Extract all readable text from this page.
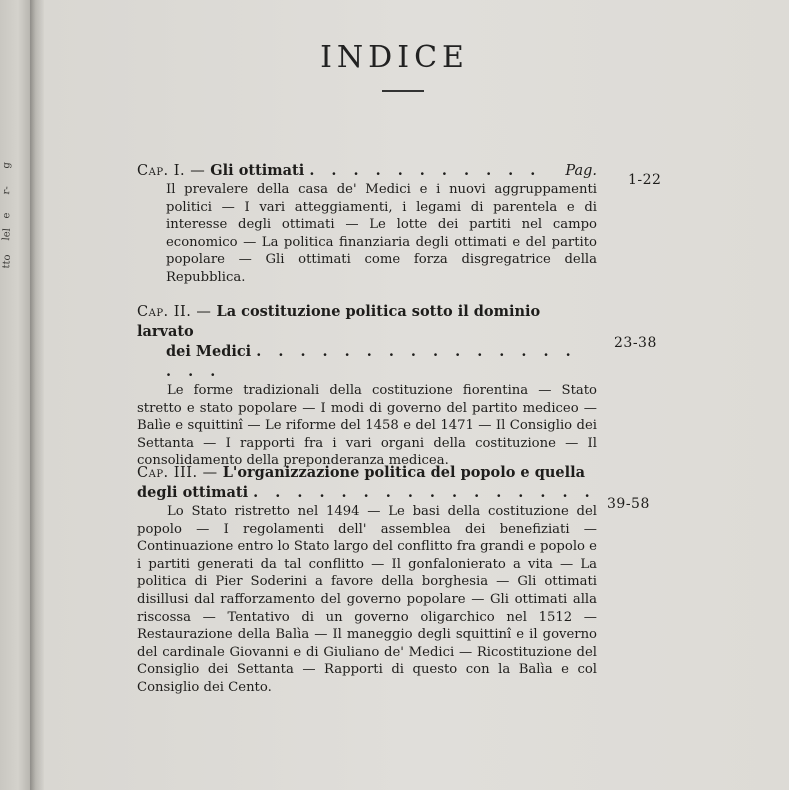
g
r-
e
lel
tto
INDICE
Cap. I. — Gli ottimati . . . . . . . . . . . Pag.
Il prevalere della casa de' Medici e i nuovi aggruppamenti politici — I vari atteggiamenti, i legami di parentela e di interesse degli ottimati — Le lotte dei partiti nel campo economico — La politica finanziaria degli ottimati e del partito popolare — Gli ottimati come forza disgregatrice della Repubblica.
1-22
Cap. II. — La costituzione politica sotto il dominio larvato
dei Medici . . . . . . . . . . . . . . . . . .
Le forme tradizionali della costituzione fiorentina — Stato stretto e stato popolare — I modi di governo del partito mediceo — Balìe e squittinî — Le riforme del 1458 e del 1471 — Il Consiglio dei Settanta — I rapporti fra i vari organi della costituzione — Il consolidamento della preponderanza medicea.
23-38
Cap. III. — L'organizzazione politica del popolo e quella
degli ottimati . . . . . . . . . . . . . . . .
Lo Stato ristretto nel 1494 — Le basi della costituzione del popolo — I regolamenti dell' assemblea dei benefiziati — Continuazione entro lo Stato largo del conflitto fra grandi e popolo e i partiti generati da tal conflitto — Il gonfalonierato a vita — La politica di Pier Soderini a favore della borghesia — Gli ottimati disillusi dal rafforzamento del governo popolare — Gli ottimati alla riscossa — Tentativo di un governo oligarchico nel 1512 — Restaurazione della Balìa — Il maneggio degli squittinî e il governo del cardinale Giovanni e di Giuliano de' Medici — Ricostituzione del Consiglio dei Settanta — Rapporti di questo con la Balìa e col Consiglio dei Cento.
39-58
